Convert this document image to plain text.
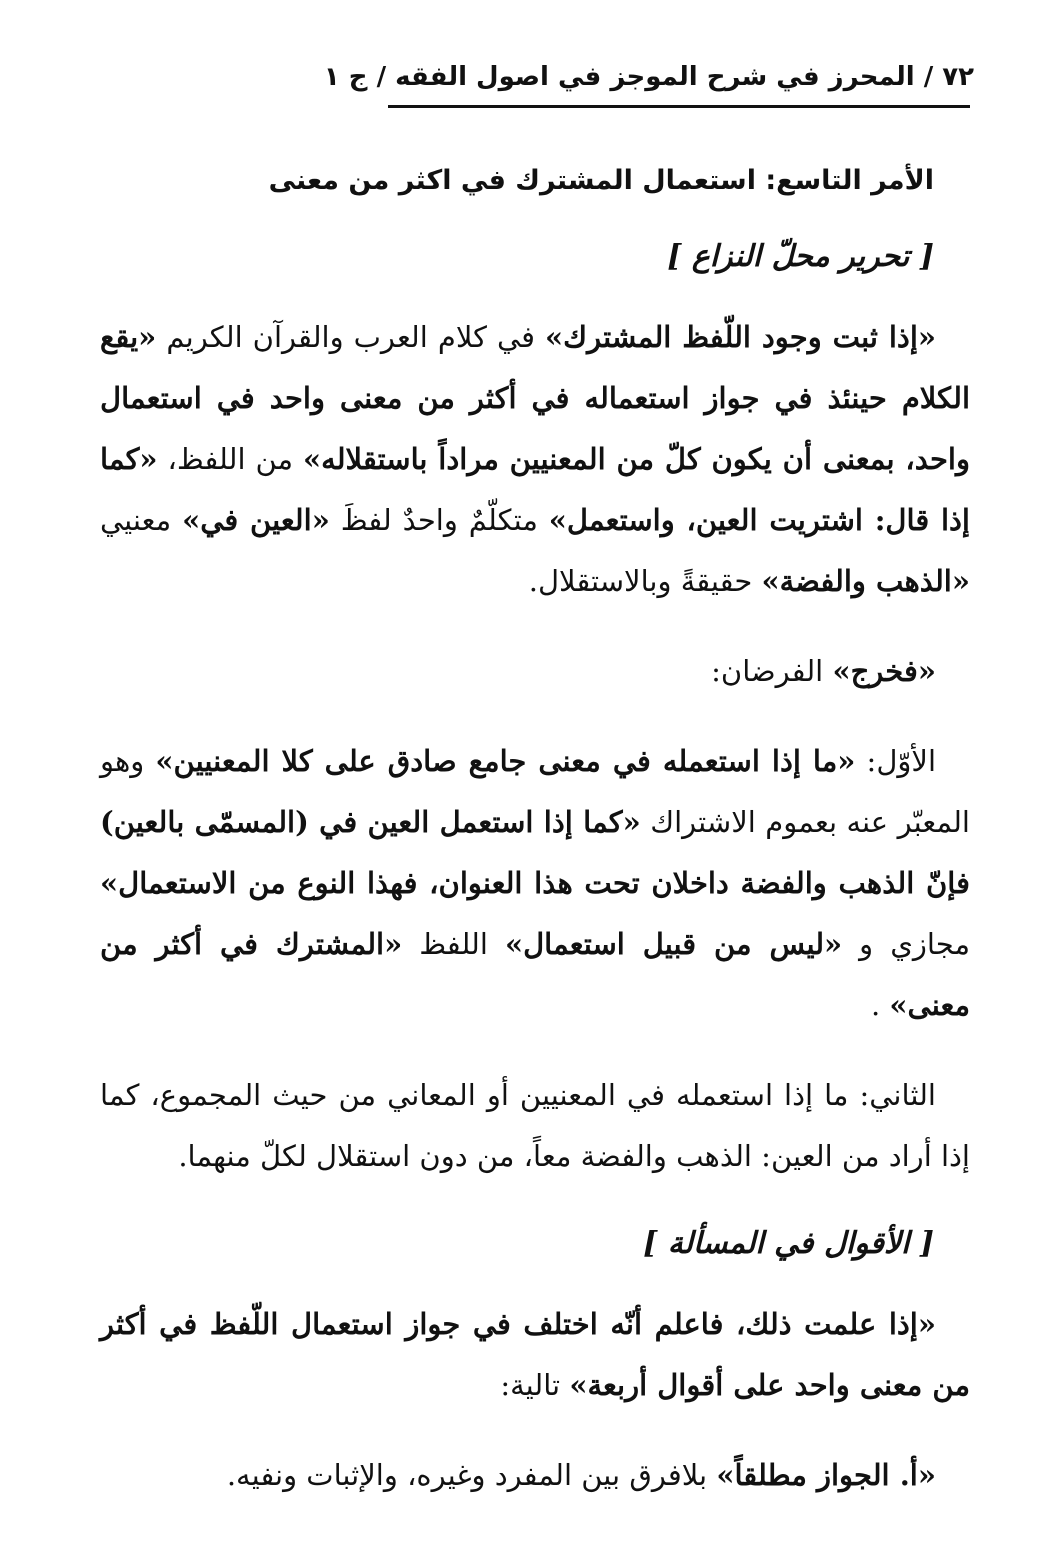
٧٢ / المحرز في شرح الموجز في اصول الفقه / ج ١
الأمر التاسع: استعمال المشترك في اكثر من معنى
[ تحرير محلّ النزاع ]

«إذا ثبت وجود اللّفظ المشترك» في كلام العرب والقرآن الكريم «يقع الكلام حينئذ في جواز استعماله في أكثر من معنى واحد في استعمال واحد، بمعنى أن يكون كلّ من المعنيين مراداً باستقلاله» من اللفظ، «كما إذا قال: اشتريت العين، واستعمل» متكلّمٌ واحدٌ لفظَ «العين في» معنيي «الذهب والفضة» حقيقةً وبالاستقلال.

«فخرج» الفرضان:

الأوّل: «ما إذا استعمله في معنى جامع صادق على كلا المعنيين» وهو المعبّر عنه بعموم الاشتراك «كما إذا استعمل العين في (المسمّى بالعين) فإنّ الذهب والفضة داخلان تحت هذا العنوان، فهذا النوع من الاستعمال» مجازي و «ليس من قبيل استعمال» اللفظ «المشترك في أكثر من معنى» .

الثاني: ما إذا استعمله في المعنيين أو المعاني من حيث المجموع، كما إذا أراد من العين: الذهب والفضة معاً، من دون استقلال لكلّ منهما.

[ الأقوال في المسألة ]

«إذا علمت ذلك، فاعلم أنّه اختلف في جواز استعمال اللّفظ في أكثر من معنى واحد على أقوال أربعة» تالية:

«أ. الجواز مطلقاً» بلافرق بين المفرد وغيره، والإثبات ونفيه.
